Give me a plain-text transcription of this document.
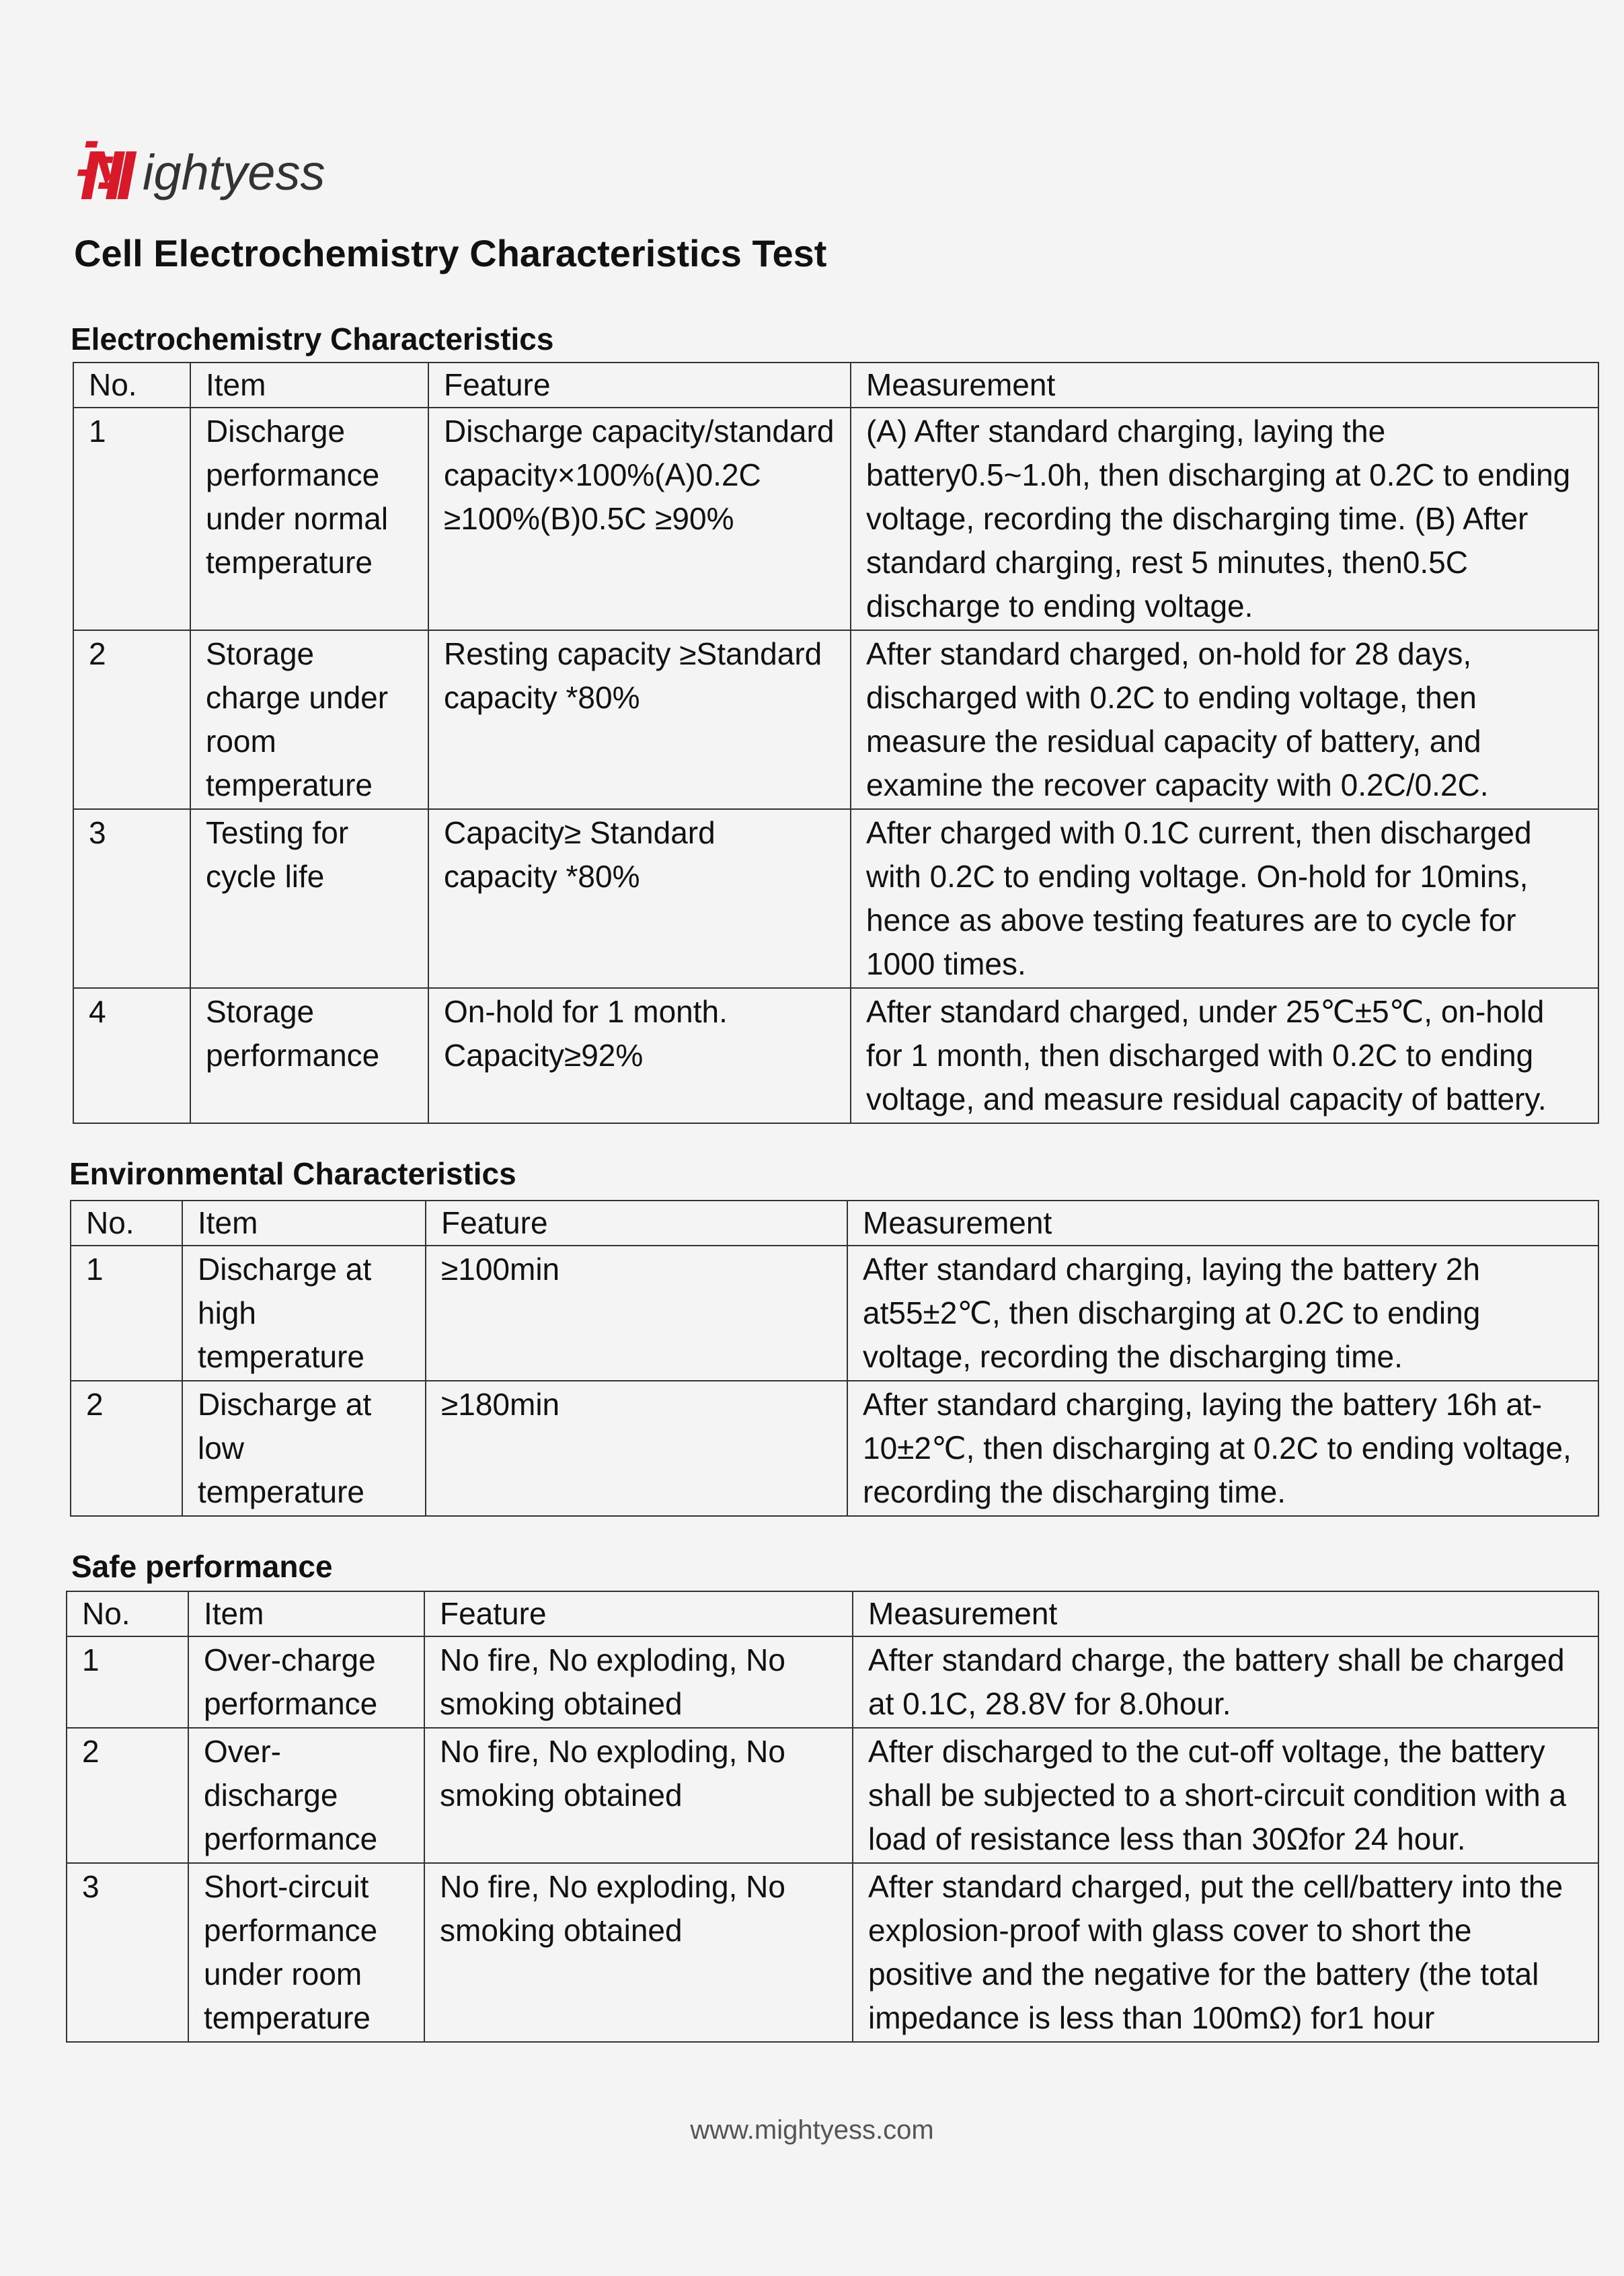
ightyess
Cell Electrochemistry Characteristics Test
Electrochemistry Characteristics
No.	Item	Feature	Measurement
1	Discharge performance under normal temperature	Discharge capacity/standard capacity×100%(A)0.2C ≥100%(B)0.5C ≥90%	(A) After standard charging, laying the battery0.5~1.0h, then discharging at 0.2C to ending voltage, recording the discharging time. (B) After standard charging, rest 5 minutes, then0.5C discharge to ending voltage.
2	Storage charge under room temperature	Resting capacity ≥Standard capacity *80%	After standard charged, on-hold for 28 days, discharged with 0.2C to ending voltage, then measure the residual capacity of battery, and examine the recover capacity with 0.2C/0.2C.
3	Testing for cycle life	Capacity≥ Standard capacity *80%	After charged with 0.1C current, then discharged with 0.2C to ending voltage. On-hold for 10mins, hence as above testing features are to cycle for 1000 times.
4	Storage performance	On-hold for 1 month. Capacity≥92%	After standard charged, under 25℃±5℃, on-hold for 1 month, then discharged with 0.2C to ending voltage, and measure residual capacity of battery.
Environmental Characteristics
No.	Item	Feature	Measurement
1	Discharge at high temperature	≥100min	After standard charging, laying the battery 2h at55±2℃, then discharging at 0.2C to ending voltage, recording the discharging time.
2	Discharge at low temperature	≥180min	After standard charging, laying the battery 16h at-10±2℃, then discharging at 0.2C to ending voltage, recording the discharging time.
Safe performance
No.	Item	Feature	Measurement
1	Over-charge performance	No fire, No exploding, No smoking obtained	After standard charge, the battery shall be charged at 0.1C, 28.8V for 8.0hour.
2	Over-discharge performance	No fire, No exploding, No smoking obtained	After discharged to the cut-off voltage, the battery shall be subjected to a short-circuit condition with a load of resistance less than 30Ωfor 24 hour.
3	Short-circuit performance under room temperature	No fire, No exploding, No smoking obtained	After standard charged, put the cell/battery into the explosion-proof with glass cover to short the positive and the negative for the battery (the total impedance is less than 100mΩ) for1 hour
www.mightyess.com
